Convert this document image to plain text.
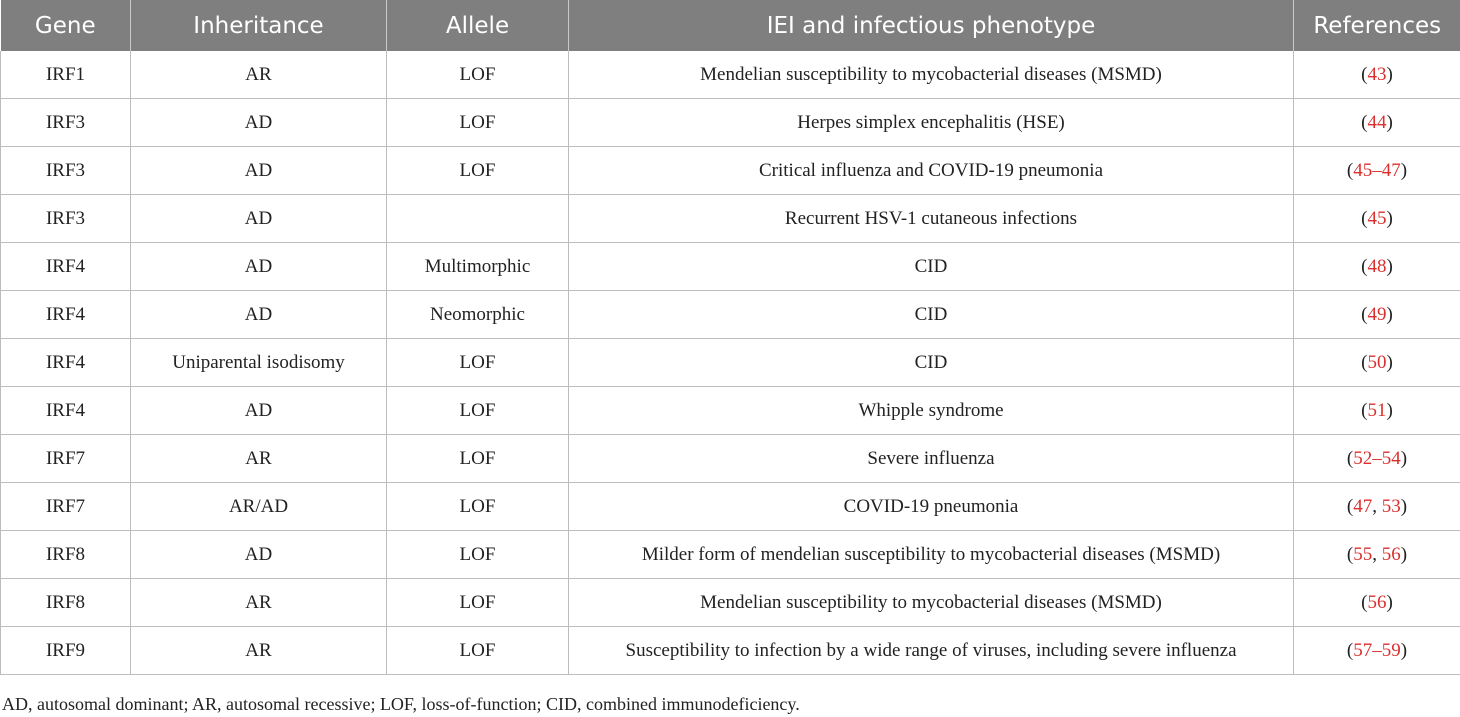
Gene	Inheritance	Allele	IEI and infectious phenotype	References
IRF1	AR	LOF	Mendelian susceptibility to mycobacterial diseases (MSMD)	(43)
IRF3	AD	LOF	Herpes simplex encephalitis (HSE)	(44)
IRF3	AD	LOF	Critical influenza and COVID-19 pneumonia	(45–47)
IRF3	AD		Recurrent HSV-1 cutaneous infections	(45)
IRF4	AD	Multimorphic	CID	(48)
IRF4	AD	Neomorphic	CID	(49)
IRF4	Uniparental isodisomy	LOF	CID	(50)
IRF4	AD	LOF	Whipple syndrome	(51)
IRF7	AR	LOF	Severe influenza	(52–54)
IRF7	AR/AD	LOF	COVID-19 pneumonia	(47, 53)
IRF8	AD	LOF	Milder form of mendelian susceptibility to mycobacterial diseases (MSMD)	(55, 56)
IRF8	AR	LOF	Mendelian susceptibility to mycobacterial diseases (MSMD)	(56)
IRF9	AR	LOF	Susceptibility to infection by a wide range of viruses, including severe influenza	(57–59)

AD, autosomal dominant; AR, autosomal recessive; LOF, loss-of-function; CID, combined immunodeficiency.
